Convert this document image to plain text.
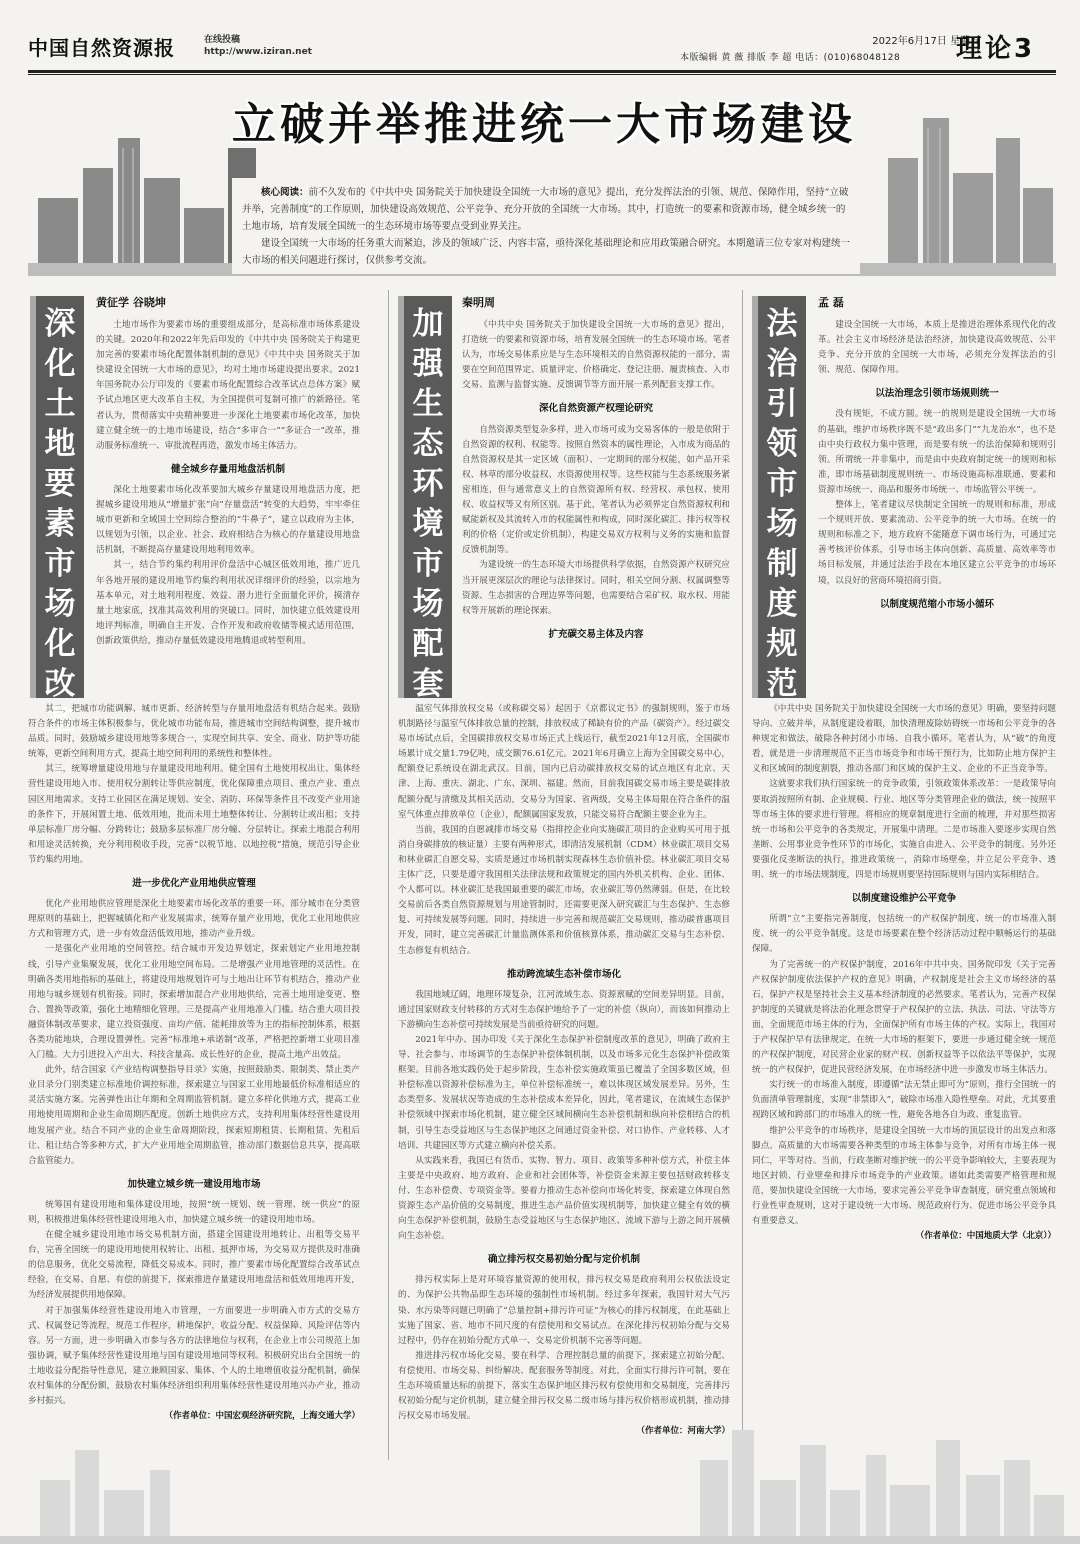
中国自然资源报	在线投稿
http://www.iziran.net
2022年6月17日 星期五
本版编辑 黄 薇 排版 李 超 电话：(010)68048128	理论3
立破并举推进统一大市场建设

核心阅读：前不久发布的《中共中央 国务院关于加快建设全国统一大市场的意见》提出，充分发挥法治的引领、规范、保障作用，坚持“立破并举，完善制度”的工作原则，加快建设高效规范、公平竞争、充分开放的全国统一大市场。其中，打造统一的要素和资源市场，健全城乡统一的土地市场，培育发展全国统一的生态环境市场等要点受到业界关注。

建设全国统一大市场的任务重大而紧迫，涉及的领域广泛、内容丰富，亟待深化基础理论和应用政策融合研究。本期邀请三位专家对构建统一大市场的相关问题进行探讨，仅供参考交流。

深化土地要素市场化改革
加强生态环境市场配套支撑
法治引领市场制度规范
黄征学 谷晓坤	秦明周	孟 磊

土地市场作为要素市场的重要组成部分，是高标准市场体系建设的关键。2020年和2022年先后印发的《中共中央 国务院关于构建更加完善的要素市场化配置体制机制的意见》《中共中央 国务院关于加快建设全国统一大市场的意见》，均对土地市场建设提出要求。2021年国务院办公厅印发的《要素市场化配置综合改革试点总体方案》赋予试点地区更大改革自主权，为全国提供可复制可推广的新路径。笔者认为，贯彻落实中央精神要进一步深化土地要素市场化改革，加快建立健全统一的土地市场建设，结合“多审合一”“多证合一”改革，推动服务标准统一、审批流程再造，激发市场主体活力。

健全城乡存量用地盘活机制

深化土地要素市场化改革要加大城乡存量建设用地盘活力度，把握城乡建设用地从“增量扩张”向“存量盘活”转变的大趋势，牢牢牵住城市更新和全域国土空间综合整治的“牛鼻子”，建立以政府为主体，以规划为引领，以企业、社会、政府相结合为核心的存量建设用地盘活机制，不断提高存量建设用地利用效率。

其一，结合节约集约利用评价盘活中心城区低效用地，推广近几年各地开展的建设用地节约集约利用状况详细评价的经验，以宗地为基本单元，对土地利用程度、效益、潜力进行全面量化评价，摸清存量土地家底，找准其高效利用的突破口。同时，加快建立低效建设用地评判标准，明确自主开发、合作开发和政府收储等模式适用范围，创新政策供给，推动存量低效建设用地腾退或转型利用。

其二，把城市功能调解、城市更新、经济转型与存量用地盘活有机结合起来。鼓励符合条件的市场主体积极参与，优化城市功能布局，推进城市空间结构调整，提升城市品质。同时，鼓励城乡建设用地等多规合一，实现空间共享、安全、商业、防护等功能统筹，更新空间利用方式，提高土地空间利用的系统性和整体性。

其三，统筹增量建设用地与存量建设用地利用。健全国有土地使用权出让、集体经营性建设用地入市、使用权分割转让等供应制度，优化保障重点项目、重点产业、重点园区用地需求。支持工业园区在满足规划、安全、消防、环保等条件且不改变产业用途的条件下，开展闲置土地、低效用地，批而未用土地整体转让、分割转让或出租；支持单层标准厂房分幅、分跨转让；鼓励多层标准厂房分幢、分层转让。探索土地混合利用和用途灵活转换，充分利用税收手段，完善“以税节地、以地控税”措施，规范引导企业节约集约用地。

进一步优化产业用地供应管理

优化产业用地供应管理是深化土地要素市场化改革的重要一环。部分城市在分类管理原则的基础上，把握城镇化和产业发展需求，统筹存量产业用地，优化工业用地供应方式和管理方式，进一步有效盘活低效用地，推动产业升级。

一是强化产业用地的空间管控。结合城市开发边界划定，探索划定产业用地控制线，引导产业集聚发展，优化工业用地空间布局。二是增强产业用地管理的灵活性。在明确各类用地指标的基础上，将建设用地规划许可与土地出让环节有机结合，推动产业用地与城乡规划有机衔接。同时，探索增加混合产业用地供给，完善土地用途变更、整合、置换等政策，强化土地精细化管理。三是提高产业用地准入门槛。结合重大项目投融资体制改革要求，建立投资强度、亩均产值、能耗排放等为主的指标控制体系，根据各类功能地块，合理设置弹性。完善“标准地+承诺制”改革，严格把控新增工业项目准入门槛。大力引进投入产出大、科技含量高、成长性好的企业，提高土地产出效益。

此外，结合国家《产业结构调整指导目录》实施，按照鼓励类、限制类、禁止类产业目录分门别类建立标准地价调控标准，探索建立与国家工业用地最低价标准相适应的灵活实施方案。完善弹性出让年期和全周期监管机制。建立多样化供地方式，提高工业用地使用周期和企业生命周期匹配度。创新土地供应方式，支持利用集体经营性建设用地发展产业。结合不同产业的企业生命周期阶段，探索短期租赁、长期租赁、先租后让、租让结合等多种方式，扩大产业用地全周期监管，推动部门数据信息共享，提高联合监管能力。

加快建立城乡统一建设用地市场

统筹国有建设用地和集体建设用地，按照“统一规划、统一管理、统一供应”的原则，积极推进集体经营性建设用地入市，加快建立城乡统一的建设用地市场。

在健全城乡建设用地市场交易机制方面，搭建全国建设用地转让、出租等交易平台，完善全国统一的建设用地使用权转让、出租、抵押市场，为交易双方提供及时准确的信息服务，优化交易流程，降低交易成本。同时，推广要素市场化配置综合改革试点经验，在交易、自愿、有偿的前提下，探索推进存量建设用地盘活和低效用地再开发，为经济发展提供用地保障。

对于加强集体经营性建设用地入市管理，一方面要进一步明确入市方式的交易方式、权属登记等流程，规范工作程序，耕地保护，收益分配、权益保障、风险评估等内容。另一方面，进一步明确入市参与各方的法律地位与权利，在企业上市公司规范上加强协调，赋予集体经营性建设用地与国有建设用地同等权利。积极研究出台全国统一的土地收益分配指导性意见，建立兼顾国家、集体、个人的土地增值收益分配机制，确保农村集体的分配份额，鼓励农村集体经济组织利用集体经营性建设用地兴办产业，推动乡村振兴。

（作者单位：中国宏观经济研究院，上海交通大学）

《中共中央 国务院关于加快建设全国统一大市场的意见》提出，打造统一的要素和资源市场，培育发展全国统一的生态环境市场。笔者认为，市场交易体系应是与生态环境相关的自然资源权能的一部分，需要在空间范围界定、质量评定、价格确定、登记注册、履责核查、入市交易、监测与监督实施、反馈调节等方面开展一系列配套支撑工作。

深化自然资源产权理论研究

自然资源类型复杂多样，进入市场可成为交易客体的一般是依附于自然资源的权利、权能等。按照自然资本的属性理论，入市成为商品的自然资源权是其一定区域（面积）、一定期间的部分权能，如产品开采权、林草的部分收益权、水资源使用权等。这些权能与生态系统服务紧密相连，但与通常意义上的自然资源所有权、经营权、承包权、使用权、收益权等又有所区别。基于此，笔者认为必须界定自然资源权利和赋能新权及其流转入市的权能属性和构成，同时深化碳汇、排污权等权利的价格（定价或定价机制），构建交易双方权利与义务的实施和监督反馈机制等。

为建设统一的生态环境大市场提供科学依据，自然资源产权研究应当开展更深层次的理论与法律探讨。同时，相关空间分割、权属调整等资源、生态损害的合理边界等问题，也需要结合采矿权、取水权、用能权等开展新的理论探索。

扩充碳交易主体及内容

温室气体排放权交易（或称碳交易）起因于《京都议定书》的强制规则，鉴于市场机制路径与温室气体排放总量的控制，排放权成了稀缺有价的产品（碳资产）。经过碳交易市场试点后，全国碳排放权交易市场正式上线运行，截至2021年12月底，全国碳市场累计成交量1.79亿吨，成交额76.61亿元。2021年6月确立上海为全国碳交易中心，配额登记系统设在湖北武汉。目前，国内已启动碳排放权交易的试点地区有北京、天津、上海、重庆、湖北、广东、深圳、福建。然而，目前我国碳交易市场主要是碳排放配额分配与清缴及其相关活动，交易分为国家、省两级，交易主体局限在符合条件的温室气体重点排放单位（企业），配额属国家发放，只能交易符合配额主要企业为主。

当前，我国的自愿减排市场交易（指排控企业向实施碳汇项目的企业购买可用于抵消自身碳排放的核证量）主要有两种形式，即清洁发展机制（CDM）林业碳汇项目交易和林业碳汇自愿交易，实质是通过市场机制实现森林生态价值补偿。林业碳汇项目交易主体广泛，只要是遵守我国相关法律法规和政策规定的国内外机关机构、企业、团体、个人都可以。林业碳汇是我国最重要的碳汇市场，农业碳汇等仍然薄弱。但是，在比较交易前后各类自然资源规划与用途管制时，还需要更深入研究碳汇与生态保护、生态修复、可持续发展等问题。同时，持续进一步完善和规范碳汇交易规则，推动碳普惠项目开发，同时，建立完善碳汇计量监测体系和价值核算体系，推动碳汇交易与生态补偿、生态修复有机结合。

推动跨流域生态补偿市场化

我国地域辽阔，地理环境复杂，江河流域生态、资源禀赋的空间差异明显。目前，通过国家财政支付转移的方式对生态保护地给予了一定的补偿（纵向），而该如何推动上下游横向生态补偿可持续发展是当前亟待研究的问题。

2021年中办、国办印发《关于深化生态保护补偿制度改革的意见》，明确了政府主导、社会参与、市场调节的生态保护补偿体制机制，以及市场多元化生态保护补偿政策框架。目前各地实践仍处于起步阶段，生态补偿实施政策虽已覆盖了全国多数区域，但补偿标准以资源补偿标准为主，单位补偿标准统一，难以体现区域发展差异。另外，生态类型多、发展状况等造成的生态补偿成本差异化，因此，笔者建议，在流域生态保护补偿领域中探索市场化机制，建立健全区域间横向生态补偿机制和纵向补偿相结合的机制，引导生态受益地区与生态保护地区之间通过资金补偿、对口协作、产业转移、人才培训、共建园区等方式建立横向补偿关系。

从实践来看，我国已有货币、实物、智力、项目、政策等多种补偿方式，补偿主体主要是中央政府、地方政府、企业和社会团体等，补偿资金来源主要包括财政转移支付、生态补偿费、专项资金等。要着力推动生态补偿向市场化转变，探索建立体现自然资源生态产品价值的交易制度，推进生态产品价值实现机制等，加快建立健全有效的横向生态保护补偿机制，鼓励生态受益地区与生态保护地区、流域下游与上游之间开展横向生态补偿。

确立排污权交易初始分配与定价机制

排污权实际上是对环境容量资源的使用权，排污权交易是政府利用公权依法设定的、为保护公共物品即生态环境的强制性市场机制。经过多年探索，我国针对大气污染、水污染等问题已明确了“总量控制+排污许可证”为核心的排污权制度，在此基础上实施了国家、省、地市不同尺度的有偿使用和交易试点。在深化排污权初始分配与交易过程中，仍存在初始分配方式单一、交易定价机制不完善等问题。

推进排污权市场化交易，要在科学、合理控制总量的前提下，探索建立初始分配、有偿使用、市场交易、纠纷解决、配套服务等制度。对此，全面实行排污许可制，要在生态环境质量达标的前提下，落实生态保护地区排污权有偿使用和交易制度，完善排污权初始分配与定价机制，建立健全排污权交易二级市场与排污权价格形成机制，推动排污权交易市场发展。

（作者单位：河南大学）

建设全国统一大市场，本质上是推进治理体系现代化的改革。社会主义市场经济是法治经济，加快建设高效规范、公平竞争、充分开放的全国统一大市场，必须充分发挥法治的引领、规范、保障作用。

以法治理念引领市场规则统一

没有规矩，不成方圆。统一的规则是建设全国统一大市场的基础，维护市场秩序既不是“政出多门”“九龙治水”，也不是由中央行政权力集中管理，而是要有统一的法治保障和规则引领。所谓统一并非集中，而是由中央政府制定统一的规则和标准，即市场基础制度规则统一、市场设施高标准联通、要素和资源市场统一、商品和服务市场统一、市场监管公平统一。

整体上，笔者建议尽快制定全国统一的规则和标准，形成一个规则开放、要素流动、公平竞争的统一大市场。在统一的规则和标准之下，地方政府不能随意下调市场行为，可通过完善考核评价体系，引导市场主体向创新、高质量、高效率等市场目标发展，并通过法治手段在本地区建立公平竞争的市场环境，以良好的营商环境招商引资。

以制度规范缩小市场小循环

《中共中央 国务院关于加快建设全国统一大市场的意见》明确，要坚持问题导向、立破并举，从制度建设着眼，加快清理废除妨碍统一市场和公平竞争的各种规定和做法，破除各种封闭小市场、自我小循环。笔者认为，从“破”的角度看，就是进一步清理规范不正当市场竞争和市场干预行为，比如防止地方保护主义和区域间的制度割裂，推动各部门和区域的保护主义、企业的不正当竞争等。

这就要求我们执行国家统一的竞争政策，引领政策体系改革：一是政策导向要取消按照所有制、企业规模、行业、地区等分类管理企业的做法，统一按照平等市场主体的要求进行管理。将相应的规章制度进行全面的梳理，并对那些损害统一市场和公平竞争的各类规定，开展集中清理。二是市场准入要逐步实现自然垄断、公用事业竞争性环节的市场化，实施自由进入、公平竞争的制度。另外还要强化反垄断法的执行，推进政策统一，消除市场壁垒，并立足公平竞争、透明、统一的市场法规制度，四是市场规则要坚持国际规则与国内实际相结合。

以制度建设维护公平竞争

所谓“立”主要指完善制度，包括统一的产权保护制度、统一的市场准入制度、统一的公平竞争制度。这是市场要素在整个经济活动过程中顺畅运行的基础保障。

为了完善统一的产权保护制度，2016年中共中央、国务院印发《关于完善产权保护制度依法保护产权的意见》明确，产权制度是社会主义市场经济的基石，保护产权是坚持社会主义基本经济制度的必然要求。笔者认为，完善产权保护制度的关键就是将法治化理念贯穿于产权保护的立法、执法、司法、守法等方面，全面规范市场主体的行为，全面保护所有市场主体的产权。实际上，我国对于产权保护早有法律规定，在统一大市场的框架下，要进一步通过健全统一规范的产权保护制度，对民营企业家的财产权、创新权益等予以依法平等保护，实现统一的产权保护，促进民营经济发展，在市场经济中进一步激发市场主体活力。

实行统一的市场准入制度，即遵循“法无禁止即可为”原则，推行全国统一的负面清单管理制度，实现“非禁即入”，破除市场准入隐性壁垒。对此，尤其要重视跨区域和跨部门的市场准入的统一性，避免各地各自为政、重复监管。

维护公平竞争的市场秩序，是建设全国统一大市场的顶层设计的出发点和落脚点。高质量的大市场需要各种类型的市场主体参与竞争，对所有市场主体一视同仁，平等对待。当前，行政垄断对维护统一的公平竞争影响较大，主要表现为地区封锁、行业壁垒和排斥市场竞争的产业政策。诸如此类需要严格管理和规范，要加快建设全国统一大市场，要求完善公平竞争审查制度，研究重点领域和行业性审查规则，这对于建设统一大市场、规范政府行为、促进市场公平竞争具有重要意义。

（作者单位：中国地质大学（北京））
